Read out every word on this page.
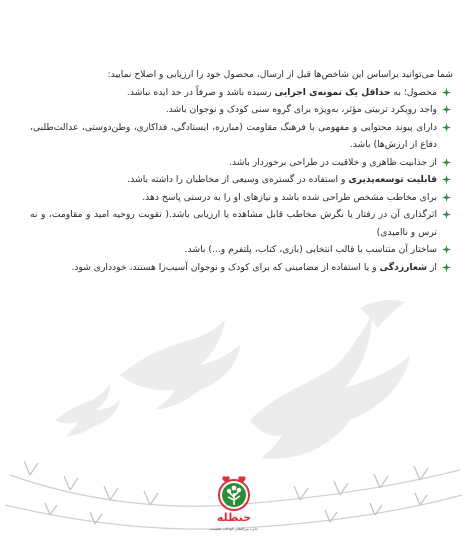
شما می‌توانید براساس این شاخص‌ها قبل از ارسال، محصول خود را ارزیابی و اصلاح نمایید:

محصول؛ به حداقل یک نمونه‌ی اجرایی رسیده باشد و صرفاً در حد ایده نباشد.
واجد رویکرد تربیتی مؤثر، به‌ویژه برای گروه سنی کودک و نوجوان باشد.
دارای پیوند محتوایی و مفهومی با فرهنگ مقاومت (مبارزه، ایستادگی، فداکاری، وطن‌دوستی، عدالت‌طلبی، دفاع از ارزش‌ها) باشد.
از جذابیت ظاهری و خلاقیت در طراحی برخوردار باشد.
قابلیت توسعه‌پذیری و استفاده در گستره‌ی وسیعی از مخاطبان را داشته باشد.
برای مخاطب مشخص طراحی شده باشد و نیازهای او را به درستی پاسخ دهد.
اثرگذاری آن در رفتار یا نگرش مخاطب قابل مشاهده یا ارزیابی باشد.( تقویت روحیه امید و مقاومت، و نه ترس و ناامیدی)
ساختار آن متناسب با قالب انتخابی (بازی، کتاب، پلتفرم و...) باشد.
از شعارزدگی و یا استفاده از مضامینی که برای کودک و نوجوان آسیب‌زا هستند، خودداری شود.
حنظله
جایزه بین‌المللی کودکان مقاومت
